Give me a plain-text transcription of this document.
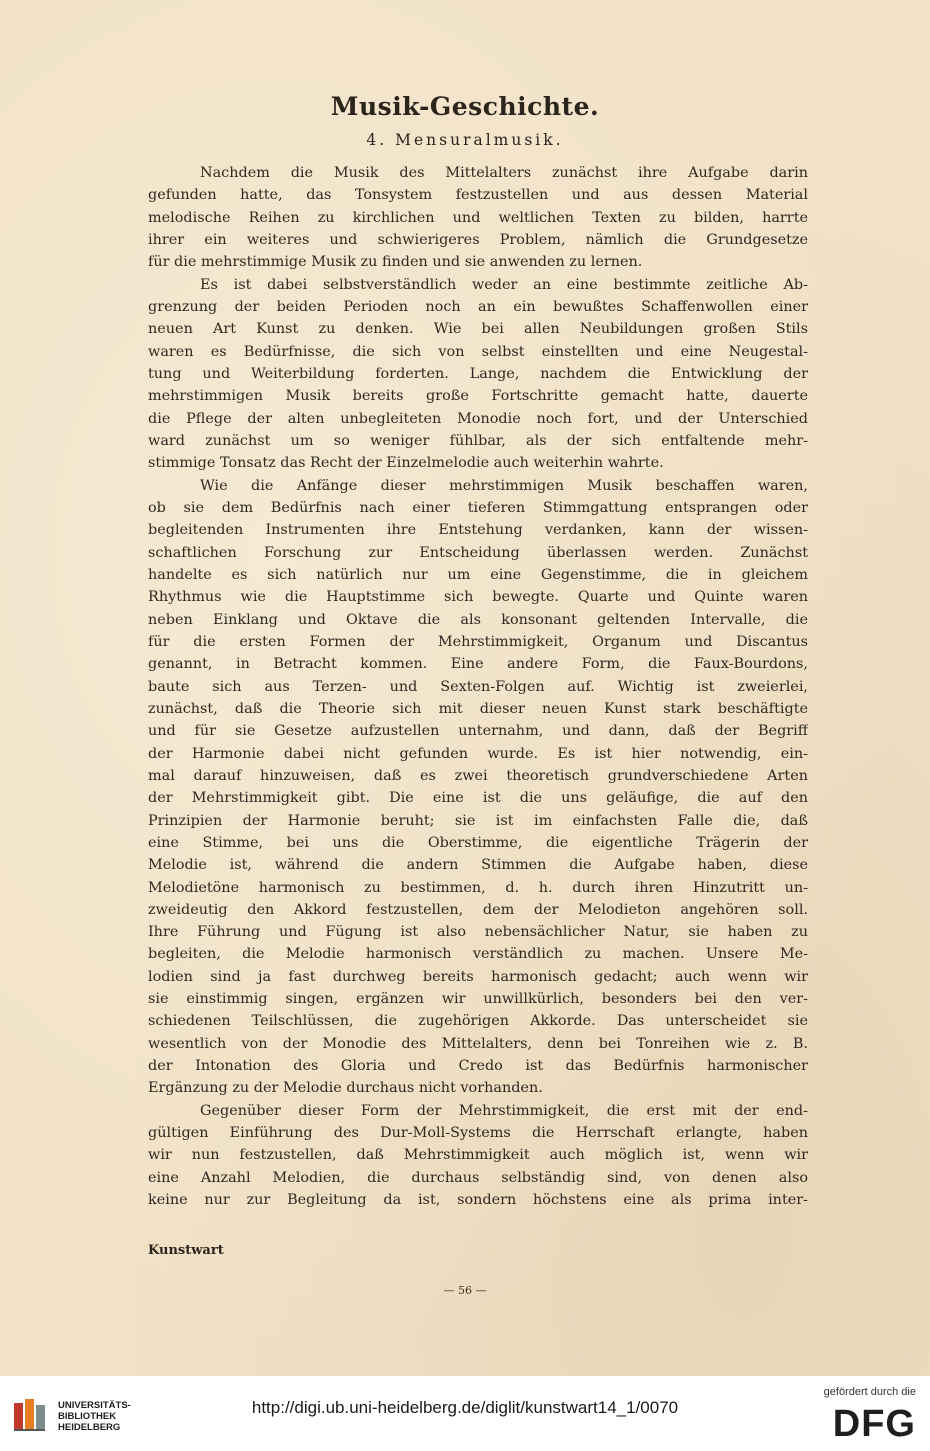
Musik-Geschichte.
4. Mensuralmusik.
Nachdem die Musik des Mittelalters zunächst ihre Aufgabe darin
gefunden hatte, das Tonsystem festzustellen und aus dessen Material
melodische Reihen zu kirchlichen und weltlichen Texten zu bilden, harrte
ihrer ein weiteres und schwierigeres Problem, nämlich die Grundgesetze
für die mehrstimmige Musik zu finden und sie anwenden zu lernen.
Es ist dabei selbstverständlich weder an eine bestimmte zeitliche Ab-
grenzung der beiden Perioden noch an ein bewußtes Schaffenwollen einer
neuen Art Kunst zu denken. Wie bei allen Neubildungen großen Stils
waren es Bedürfnisse, die sich von selbst einstellten und eine Neugestal-
tung und Weiterbildung forderten. Lange, nachdem die Entwicklung der
mehrstimmigen Musik bereits große Fortschritte gemacht hatte, dauerte
die Pflege der alten unbegleiteten Monodie noch fort, und der Unterschied
ward zunächst um so weniger fühlbar, als der sich entfaltende mehr-
stimmige Tonsatz das Recht der Einzelmelodie auch weiterhin wahrte.
Wie die Anfänge dieser mehrstimmigen Musik beschaffen waren,
ob sie dem Bedürfnis nach einer tieferen Stimmgattung entsprangen oder
begleitenden Instrumenten ihre Entstehung verdanken, kann der wissen-
schaftlichen Forschung zur Entscheidung überlassen werden. Zunächst
handelte es sich natürlich nur um eine Gegenstimme, die in gleichem
Rhythmus wie die Hauptstimme sich bewegte. Quarte und Quinte waren
neben Einklang und Oktave die als konsonant geltenden Intervalle, die
für die ersten Formen der Mehrstimmigkeit, Organum und Discantus
genannt, in Betracht kommen. Eine andere Form, die Faux-Bourdons,
baute sich aus Terzen- und Sexten-Folgen auf. Wichtig ist zweierlei,
zunächst, daß die Theorie sich mit dieser neuen Kunst stark beschäftigte
und für sie Gesetze aufzustellen unternahm, und dann, daß der Begriff
der Harmonie dabei nicht gefunden wurde. Es ist hier notwendig, ein-
mal darauf hinzuweisen, daß es zwei theoretisch grundverschiedene Arten
der Mehrstimmigkeit gibt. Die eine ist die uns geläufige, die auf den
Prinzipien der Harmonie beruht; sie ist im einfachsten Falle die, daß
eine Stimme, bei uns die Oberstimme, die eigentliche Trägerin der
Melodie ist, während die andern Stimmen die Aufgabe haben, diese
Melodietöne harmonisch zu bestimmen, d. h. durch ihren Hinzutritt un-
zweideutig den Akkord festzustellen, dem der Melodieton angehören soll.
Ihre Führung und Fügung ist also nebensächlicher Natur, sie haben zu
begleiten, die Melodie harmonisch verständlich zu machen. Unsere Me-
lodien sind ja fast durchweg bereits harmonisch gedacht; auch wenn wir
sie einstimmig singen, ergänzen wir unwillkürlich, besonders bei den ver-
schiedenen Teilschlüssen, die zugehörigen Akkorde. Das unterscheidet sie
wesentlich von der Monodie des Mittelalters, denn bei Tonreihen wie z. B.
der Intonation des Gloria und Credo ist das Bedürfnis harmonischer
Ergänzung zu der Melodie durchaus nicht vorhanden.
Gegenüber dieser Form der Mehrstimmigkeit, die erst mit der end-
gültigen Einführung des Dur-Moll-Systems die Herrschaft erlangte, haben
wir nun festzustellen, daß Mehrstimmigkeit auch möglich ist, wenn wir
eine Anzahl Melodien, die durchaus selbständig sind, von denen also
keine nur zur Begleitung da ist, sondern höchstens eine als prima inter-
Kunstwart
— 56 —
UNIVERSITÄTS-
BIBLIOTHEK
HEIDELBERG
http://digi.ub.uni-heidelberg.de/diglit/kunstwart14_1/0070
gefördert durch die
DFG
